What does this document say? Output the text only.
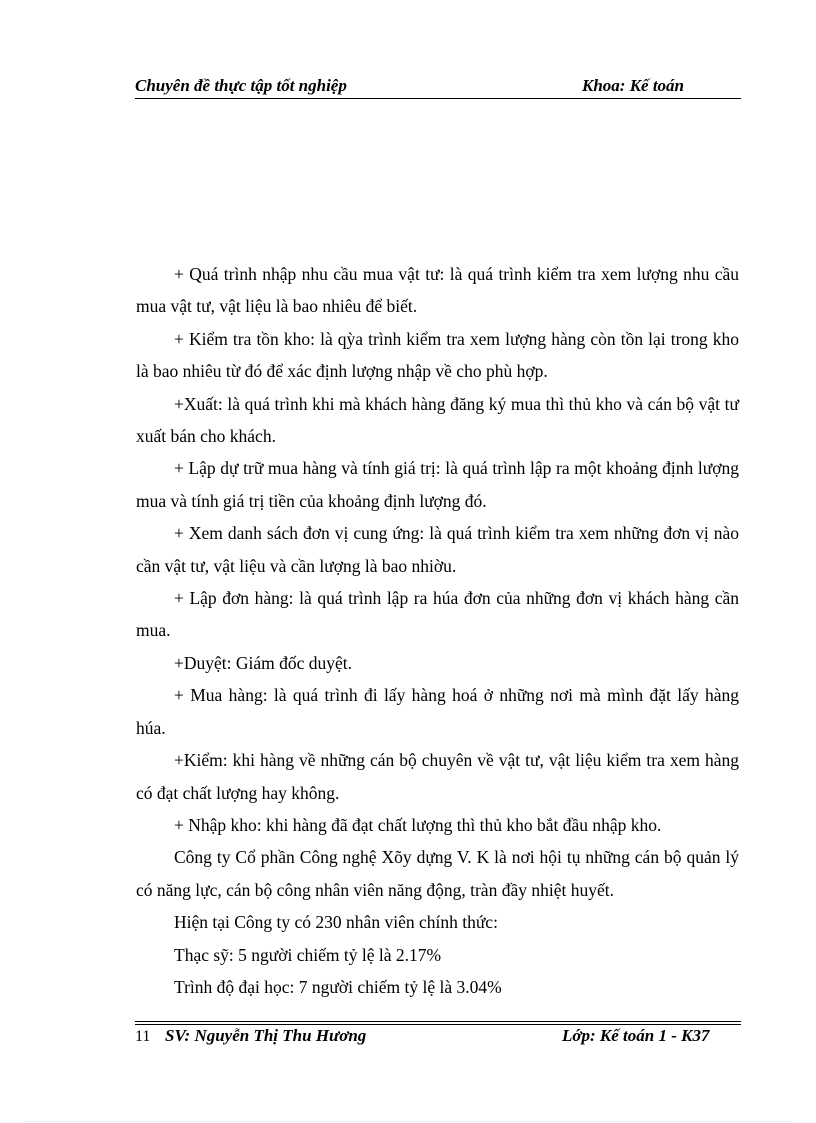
Chuyên đề thực tập tốt nghiệp	Khoa: Kế toán

+ Quá trình nhập nhu cầu mua vật tư: là quá trình kiểm tra xem lượng nhu cầu mua vật tư, vật liệu là bao nhiêu để biết.

+ Kiểm tra tồn kho: là qỳa trình kiểm tra xem lượng hàng còn tồn lại trong kho là bao nhiêu từ đó để xác định lượng nhập về cho phù hợp.

+Xuất: là quá trình khi mà khách hàng đăng ký mua thì thủ kho và cán bộ vật tư xuất bán cho khách.

+ Lập dự trữ mua hàng và tính giá trị: là quá trình lập ra một khoảng định lượng mua và tính giá trị tiền của khoảng định lượng đó.

+ Xem danh sách đơn vị cung ứng: là quá trình kiểm tra xem những đơn vị nào cần vật tư, vật liệu và cần lượng là bao nhiờu.

+ Lập đơn hàng: là quá trình lập ra húa đơn của những đơn vị khách hàng cần mua.

+Duyệt: Giám đốc duyệt.

+ Mua hàng: là quá trình đi lấy hàng hoá ở những nơi mà mình đặt lấy hàng húa.

+Kiểm: khi hàng về những cán bộ chuyên về vật tư, vật liệu kiểm tra xem hàng có đạt chất lượng hay không.

+ Nhập kho: khi hàng đã đạt chất lượng thì thủ kho bắt đầu nhập kho.

Công ty Cổ phần Công nghệ Xõy dựng V. K là nơi hội tụ những cán bộ quản lý có năng lực, cán bộ công nhân viên năng động, tràn đầy nhiệt huyết.

Hiện tại Công ty có 230 nhân viên chính thức:

Thạc sỹ: 5 người chiếm tỷ lệ là 2.17%

Trình độ đại học: 7 người chiếm tỷ lệ là 3.04%

11 SV: Nguyễn Thị Thu Hương	Lớp: Kế toán 1 - K37
